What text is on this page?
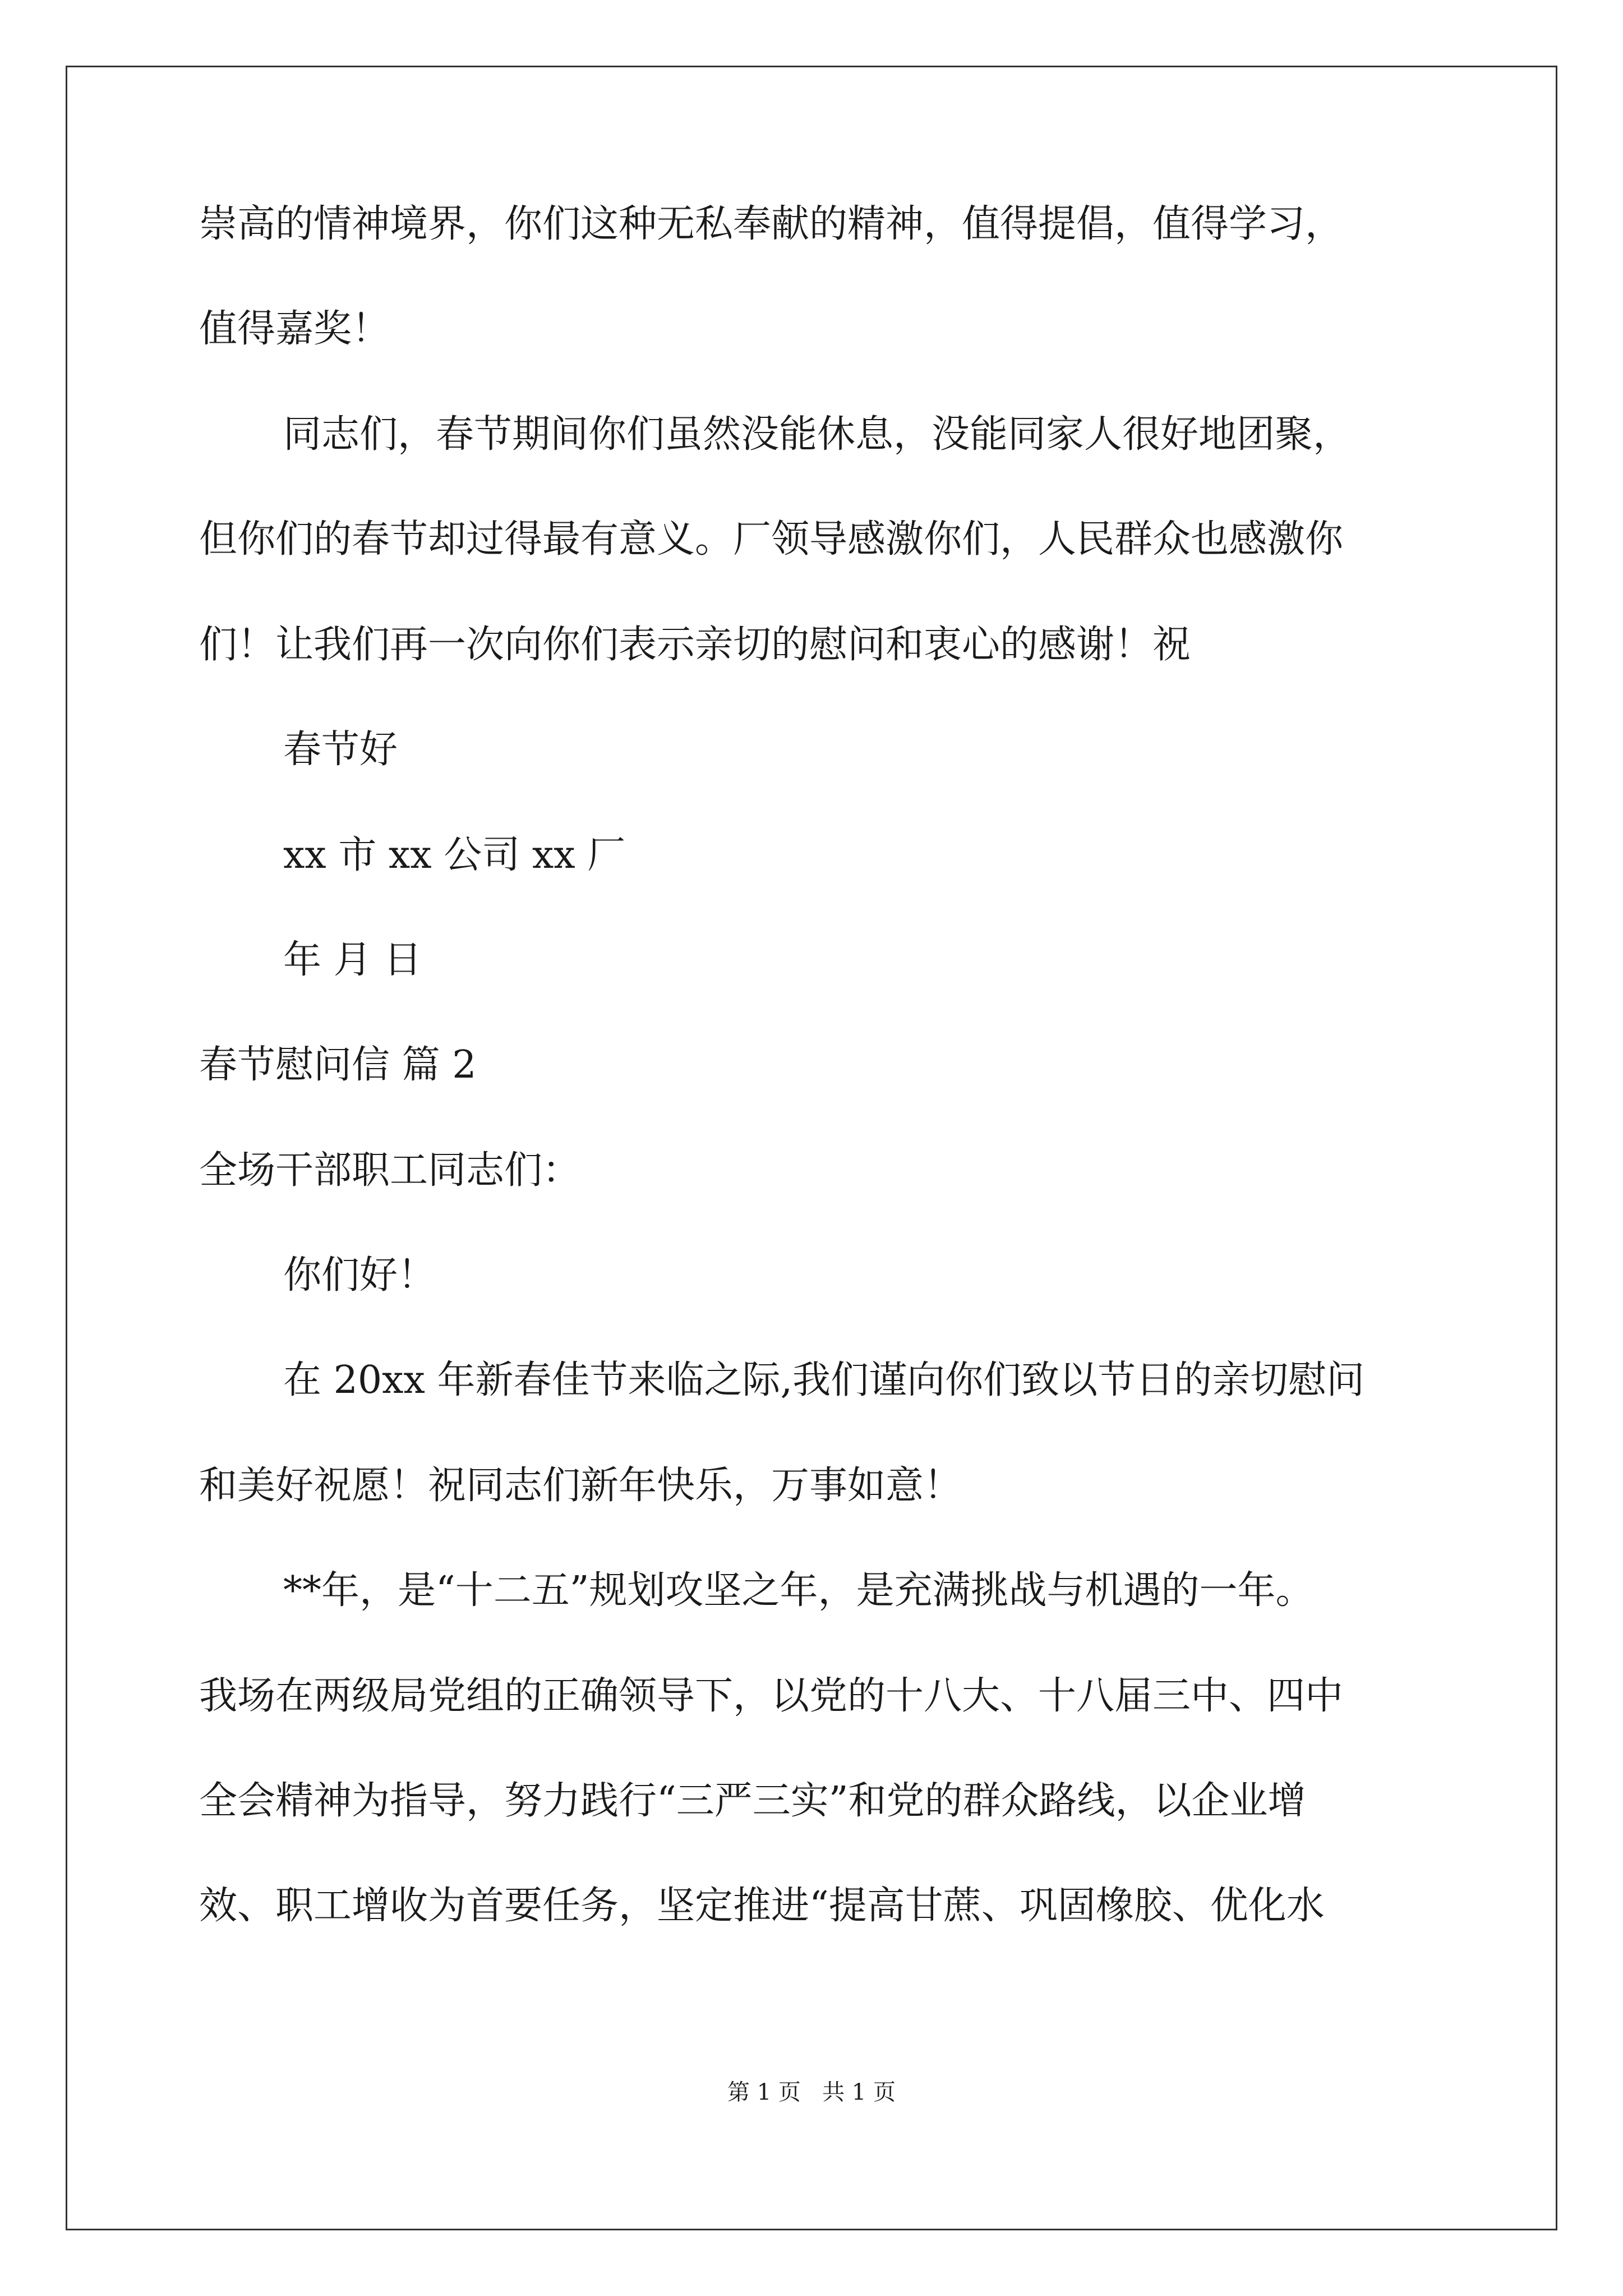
崇高的情神境界，你们这种无私奉献的精神，值得提倡，值得学习，

值得嘉奖！

同志们，春节期间你们虽然没能休息，没能同家人很好地团聚，

但你们的春节却过得最有意义。厂领导感激你们，人民群众也感激你

们！让我们再一次向你们表示亲切的慰问和衷心的感谢！祝

春节好

xx 市 xx 公司 xx 厂

年 月 日

春节慰问信 篇 2

全场干部职工同志们：

你们好！

在 20xx 年新春佳节来临之际,我们谨向你们致以节日的亲切慰问

和美好祝愿！祝同志们新年快乐，万事如意！

**年，是“十二五”规划攻坚之年，是充满挑战与机遇的一年。

我场在两级局党组的正确领导下，以党的十八大、十八届三中、四中

全会精神为指导，努力践行“三严三实”和党的群众路线，以企业增

效、职工增收为首要任务，坚定推进“提高甘蔗、巩固橡胶、优化水

第 1 页   共 1 页
